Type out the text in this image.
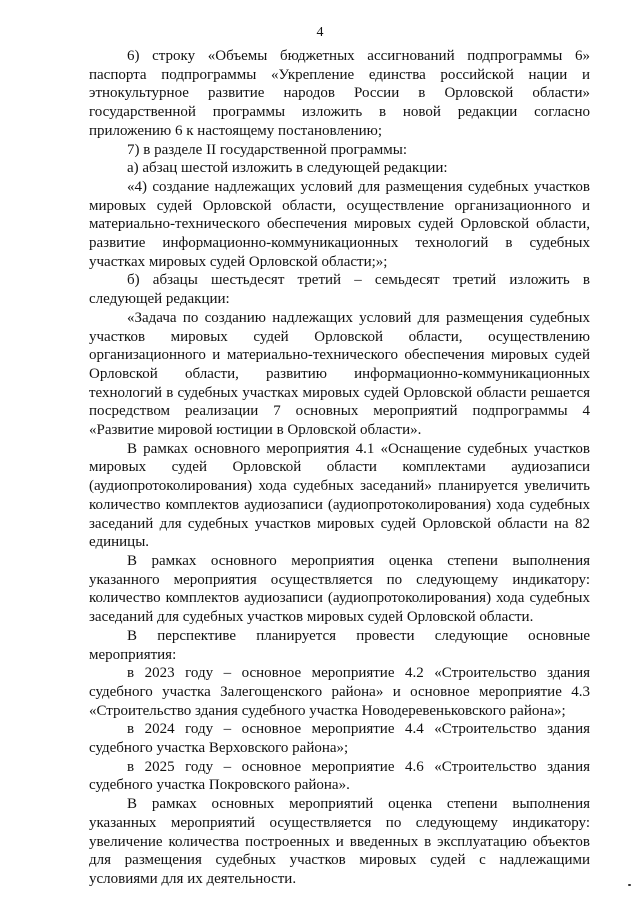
4

6) строку «Объемы бюджетных ассигнований подпрограммы 6» паспорта подпрограммы «Укрепление единства российской нации и этнокультурное развитие народов России в Орловской области» государственной программы изложить в новой редакции согласно приложению 6 к настоящему постановлению;

7) в разделе II государственной программы:

а) абзац шестой изложить в следующей редакции:

«4) создание надлежащих условий для размещения судебных участков мировых судей Орловской области, осуществление организационного и материально-технического обеспечения мировых судей Орловской области, развитие информационно-коммуникационных технологий в судебных участках мировых судей Орловской области;»;

б) абзацы шестьдесят третий – семьдесят третий изложить в следующей редакции:

«Задача по созданию надлежащих условий для размещения судебных участков мировых судей Орловской области, осуществлению организационного и материально-технического обеспечения мировых судей Орловской области, развитию информационно-коммуникационных технологий в судебных участках мировых судей Орловской области решается посредством реализации 7 основных мероприятий подпрограммы 4 «Развитие мировой юстиции в Орловской области».

В рамках основного мероприятия 4.1 «Оснащение судебных участков мировых судей Орловской области комплектами аудиозаписи (аудиопротоколирования) хода судебных заседаний» планируется увеличить количество комплектов аудиозаписи (аудиопротоколирования) хода судебных заседаний для судебных участков мировых судей Орловской области на 82 единицы.

В рамках основного мероприятия оценка степени выполнения указанного мероприятия осуществляется по следующему индикатору: количество комплектов аудиозаписи (аудиопротоколирования) хода судебных заседаний для судебных участков мировых судей Орловской области.

В перспективе планируется провести следующие основные мероприятия:

в 2023 году – основное мероприятие 4.2 «Строительство здания судебного участка Залегощенского района» и основное мероприятие 4.3 «Строительство здания судебного участка Новодеревеньковского района»;

в 2024 году – основное мероприятие 4.4 «Строительство здания судебного участка Верховского района»;

в 2025 году – основное мероприятие 4.6 «Строительство здания судебного участка Покровского района».

В рамках основных мероприятий оценка степени выполнения указанных мероприятий осуществляется по следующему индикатору: увеличение количества построенных и введенных в эксплуатацию объектов для размещения судебных участков мировых судей с надлежащими условиями для их деятельности.
